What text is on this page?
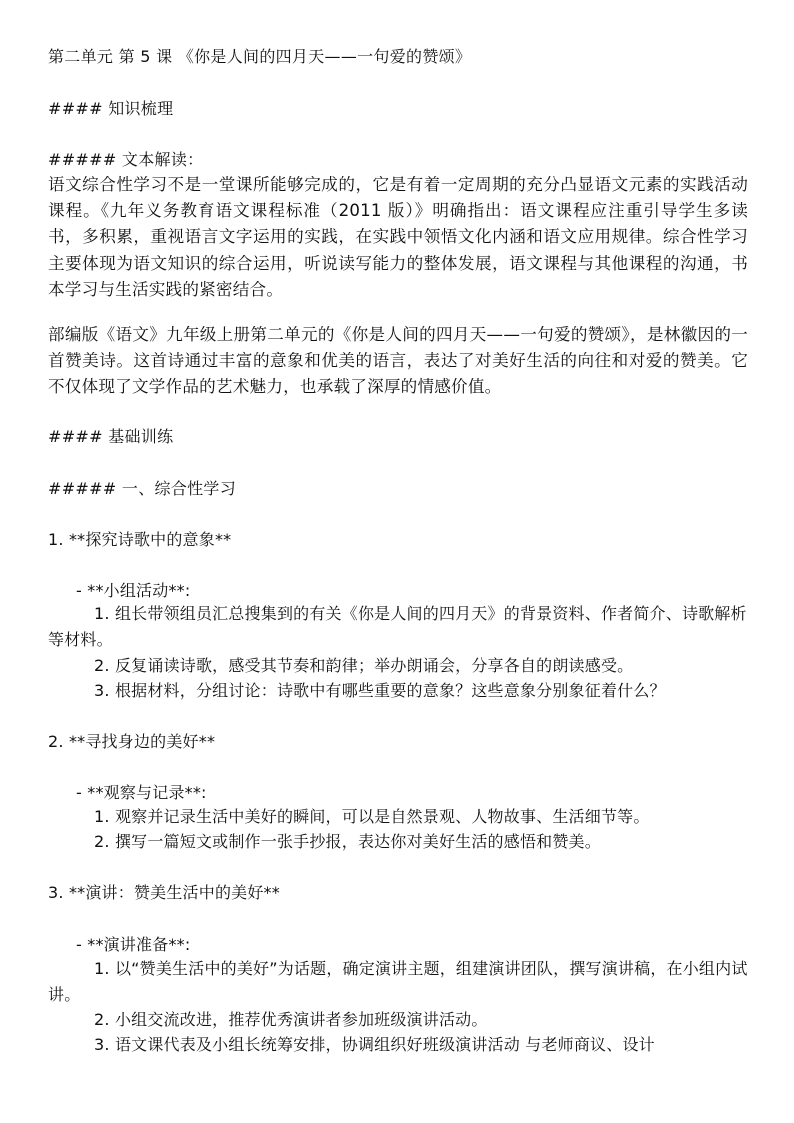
第二单元 第 5 课 《你是人间的四月天——一句爱的赞颂》
#### 知识梳理
##### 文本解读：
语文综合性学习不是一堂课所能够完成的，它是有着一定周期的充分凸显语文元素的实践活动课程。《九年义务教育语文课程标准（2011 版）》明确指出：语文课程应注重引导学生多读书，多积累，重视语言文字运用的实践，在实践中领悟文化内涵和语文应用规律。综合性学习主要体现为语文知识的综合运用，听说读写能力的整体发展，语文课程与其他课程的沟通，书本学习与生活实践的紧密结合。
部编版《语文》九年级上册第二单元的《你是人间的四月天——一句爱的赞颂》，是林徽因的一首赞美诗。这首诗通过丰富的意象和优美的语言，表达了对美好生活的向往和对爱的赞美。它不仅体现了文学作品的艺术魅力，也承载了深厚的情感价值。
#### 基础训练
##### 一、综合性学习
1. **探究诗歌中的意象**
- **小组活动**:
1. 组长带领组员汇总搜集到的有关《你是人间的四月天》的背景资料、作者简介、诗歌解析等材料。
2. 反复诵读诗歌，感受其节奏和韵律；举办朗诵会，分享各自的朗读感受。
3. 根据材料，分组讨论：诗歌中有哪些重要的意象？这些意象分别象征着什么？
2. **寻找身边的美好**
- **观察与记录**:
1. 观察并记录生活中美好的瞬间，可以是自然景观、人物故事、生活细节等。
2. 撰写一篇短文或制作一张手抄报，表达你对美好生活的感悟和赞美。
3. **演讲：赞美生活中的美好**
- **演讲准备**:
1. 以“赞美生活中的美好”为话题，确定演讲主题，组建演讲团队，撰写演讲稿，在小组内试讲。
2. 小组交流改进，推荐优秀演讲者参加班级演讲活动。
3. 语文课代表及小组长统筹安排，协调组织好班级演讲活动 与老师商议、设计
